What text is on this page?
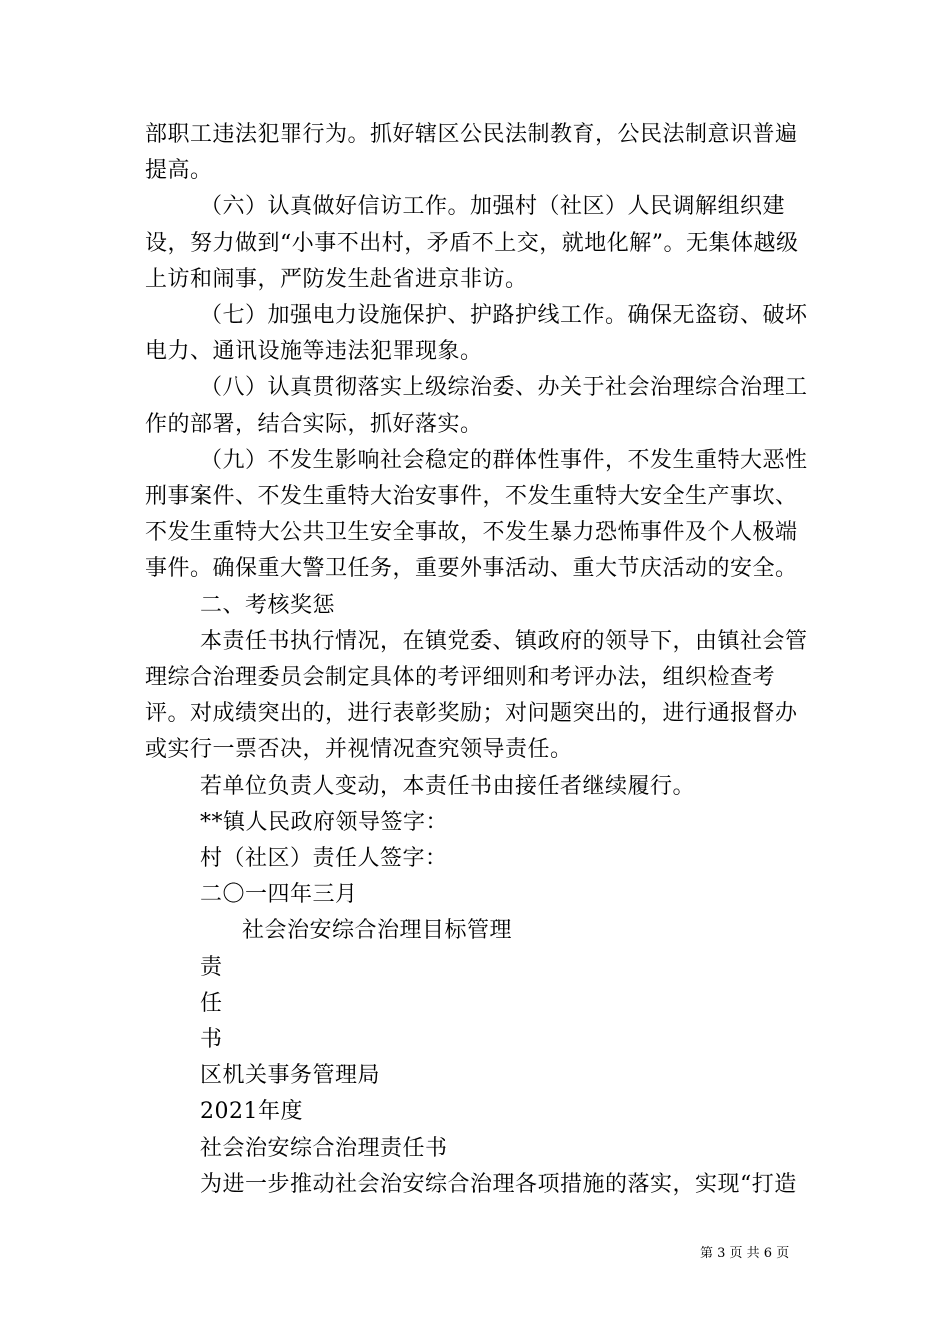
部职工违法犯罪行为。抓好辖区公民法制教育，公民法制意识普遍提高。

（六）认真做好信访工作。加强村（社区）人民调解组织建设，努力做到“小事不出村，矛盾不上交，就地化解”。无集体越级上访和闹事，严防发生赴省进京非访。

（七）加强电力设施保护、护路护线工作。确保无盗窃、破坏电力、通讯设施等违法犯罪现象。

（八）认真贯彻落实上级综治委、办关于社会治理综合治理工作的部署，结合实际，抓好落实。

（九）不发生影响社会稳定的群体性事件，不发生重特大恶性刑事案件、不发生重特大治安事件，不发生重特大安全生产事坎、不发生重特大公共卫生安全事故，不发生暴力恐怖事件及个人极端事件。确保重大警卫任务，重要外事活动、重大节庆活动的安全。

二、考核奖惩

本责任书执行情况，在镇党委、镇政府的领导下，由镇社会管理综合治理委员会制定具体的考评细则和考评办法，组织检查考评。对成绩突出的，进行表彰奖励；对问题突出的，进行通报督办或实行一票否决，并视情况查究领导责任。

若单位负责人变动，本责任书由接任者继续履行。

**镇人民政府领导签字：

村（社区）责任人签字：

二〇一四年三月

社会治安综合治理目标管理

责

任

书

区机关事务管理局

2021年度

社会治安综合治理责任书

为进一步推动社会治安综合治理各项措施的落实，实现“打造

第 3 页 共 6 页
